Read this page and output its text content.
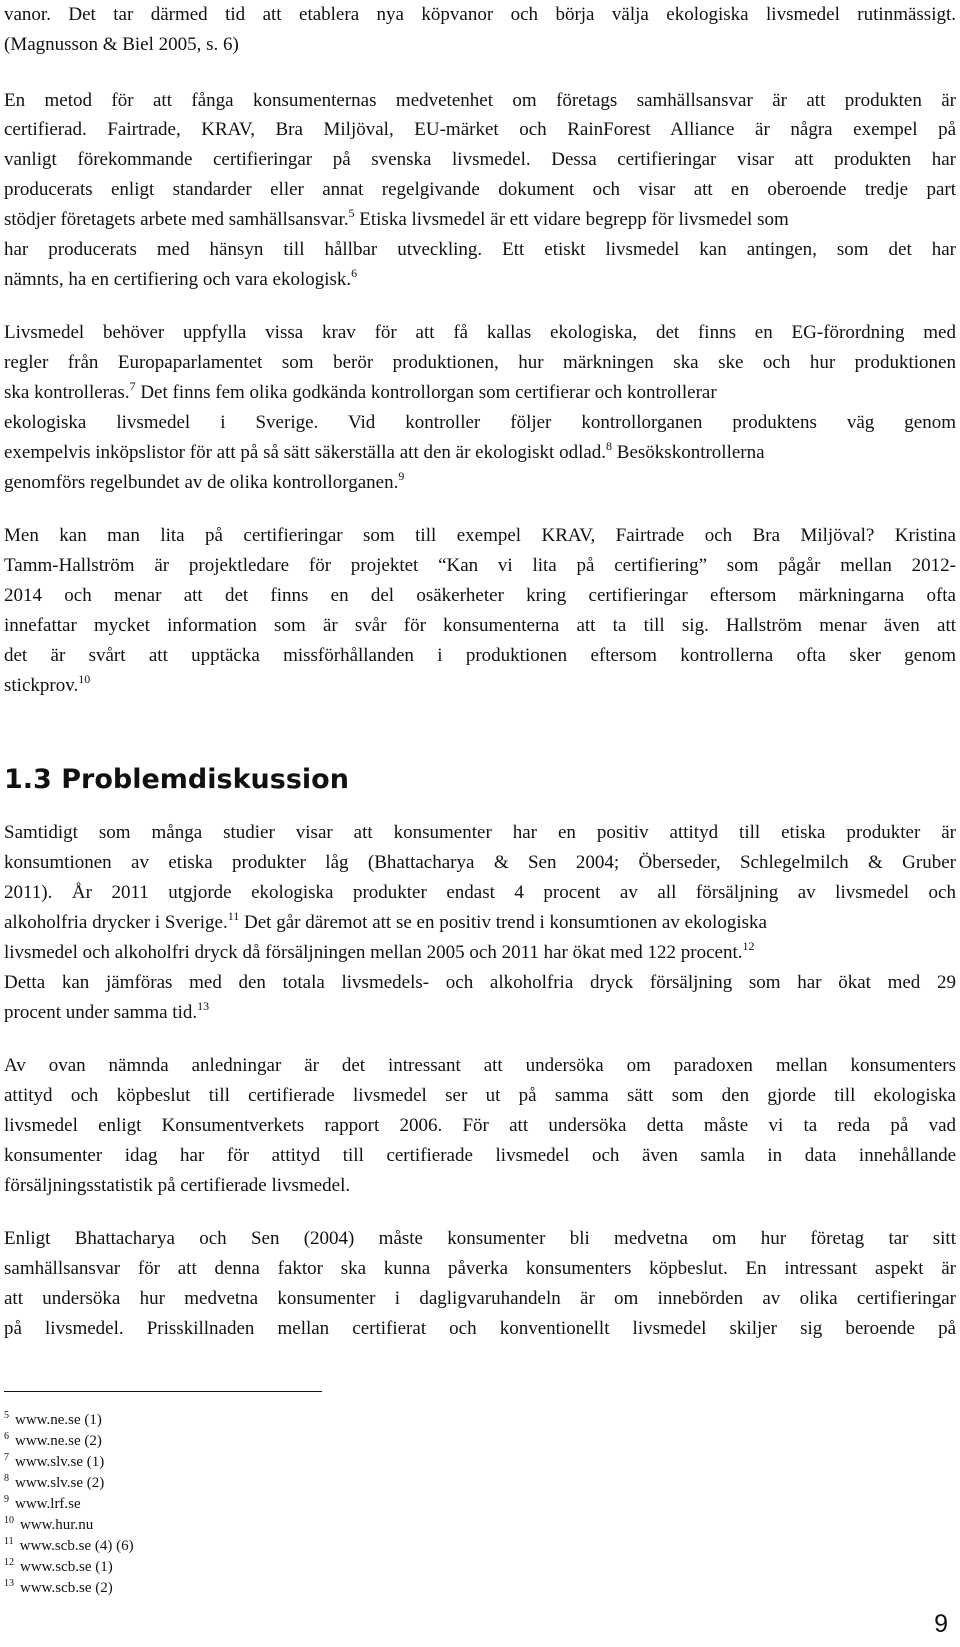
vanor. Det tar därmed tid att etablera nya köpvanor och börja välja ekologiska livsmedel rutinmässigt.
(Magnusson & Biel 2005, s. 6)
En metod för att fånga konsumenternas medvetenhet om företags samhällsansvar är att produkten är
certifierad. Fairtrade, KRAV, Bra Miljöval, EU-märket och RainForest Alliance är några exempel på
vanligt förekommande certifieringar på svenska livsmedel. Dessa certifieringar visar att produkten har
producerats enligt standarder eller annat regelgivande dokument och visar att en oberoende tredje part
stödjer företagets arbete med samhällsansvar.$^5$ Etiska livsmedel är ett vidare begrepp för livsmedel som
har producerats med hänsyn till hållbar utveckling. Ett etiskt livsmedel kan antingen, som det har
nämnts, ha en certifiering och vara ekologisk.$^6$
Livsmedel behöver uppfylla vissa krav för att få kallas ekologiska, det finns en EG-förordning med
regler från Europaparlamentet som berör produktionen, hur märkningen ska ske och hur produktionen
ska kontrolleras.$^7$ Det finns fem olika godkända kontrollorgan som certifierar och kontrollerar
ekologiska livsmedel i Sverige. Vid kontroller följer kontrollorganen produktens väg genom
exempelvis inköpslistor för att på så sätt säkerställa att den är ekologiskt odlad.$^8$ Besökskontrollerna
genomförs regelbundet av de olika kontrollorganen.$^9$
Men kan man lita på certifieringar som till exempel KRAV, Fairtrade och Bra Miljöval? Kristina
Tamm-Hallström är projektledare för projektet “Kan vi lita på certifiering” som pågår mellan 2012-
2014 och menar att det finns en del osäkerheter kring certifieringar eftersom märkningarna ofta
innefattar mycket information som är svår för konsumenterna att ta till sig. Hallström menar även att
det är svårt att upptäcka missförhållanden i produktionen eftersom kontrollerna ofta sker genom
stickprov.$^{10}$
1.3 Problemdiskussion
Samtidigt som många studier visar att konsumenter har en positiv attityd till etiska produkter är
konsumtionen av etiska produkter låg (Bhattacharya & Sen 2004; Öberseder, Schlegelmilch & Gruber
2011). År 2011 utgjorde ekologiska produkter endast 4 procent av all försäljning av livsmedel och
alkoholfria drycker i Sverige.$^{11}$ Det går däremot att se en positiv trend i konsumtionen av ekologiska
livsmedel och alkoholfri dryck då försäljningen mellan 2005 och 2011 har ökat med 122 procent.$^{12}$
Detta kan jämföras med den totala livsmedels- och alkoholfria dryck försäljning som har ökat med 29
procent under samma tid.$^{13}$
Av ovan nämnda anledningar är det intressant att undersöka om paradoxen mellan konsumenters
attityd och köpbeslut till certifierade livsmedel ser ut på samma sätt som den gjorde till ekologiska
livsmedel enligt Konsumentverkets rapport 2006. För att undersöka detta måste vi ta reda på vad
konsumenter idag har för attityd till certifierade livsmedel och även samla in data innehållande
försäljningsstatistik på certifierade livsmedel.
Enligt Bhattacharya och Sen (2004) måste konsumenter bli medvetna om hur företag tar sitt
samhällsansvar för att denna faktor ska kunna påverka konsumenters köpbeslut. En intressant aspekt är
att undersöka hur medvetna konsumenter i dagligvaruhandeln är om innebörden av olika certifieringar
på livsmedel. Prisskillnaden mellan certifierat och konventionellt livsmedel skiljer sig beroende på
$^5$ www.ne.se (1)
$^6$ www.ne.se (2)
$^7$ www.slv.se (1)
$^8$ www.slv.se (2)
$^9$ www.lrf.se
$^{10}$ www.hur.nu
$^{11}$ www.scb.se (4) (6)
$^{12}$ www.scb.se (1)
$^{13}$ www.scb.se (2)
9
